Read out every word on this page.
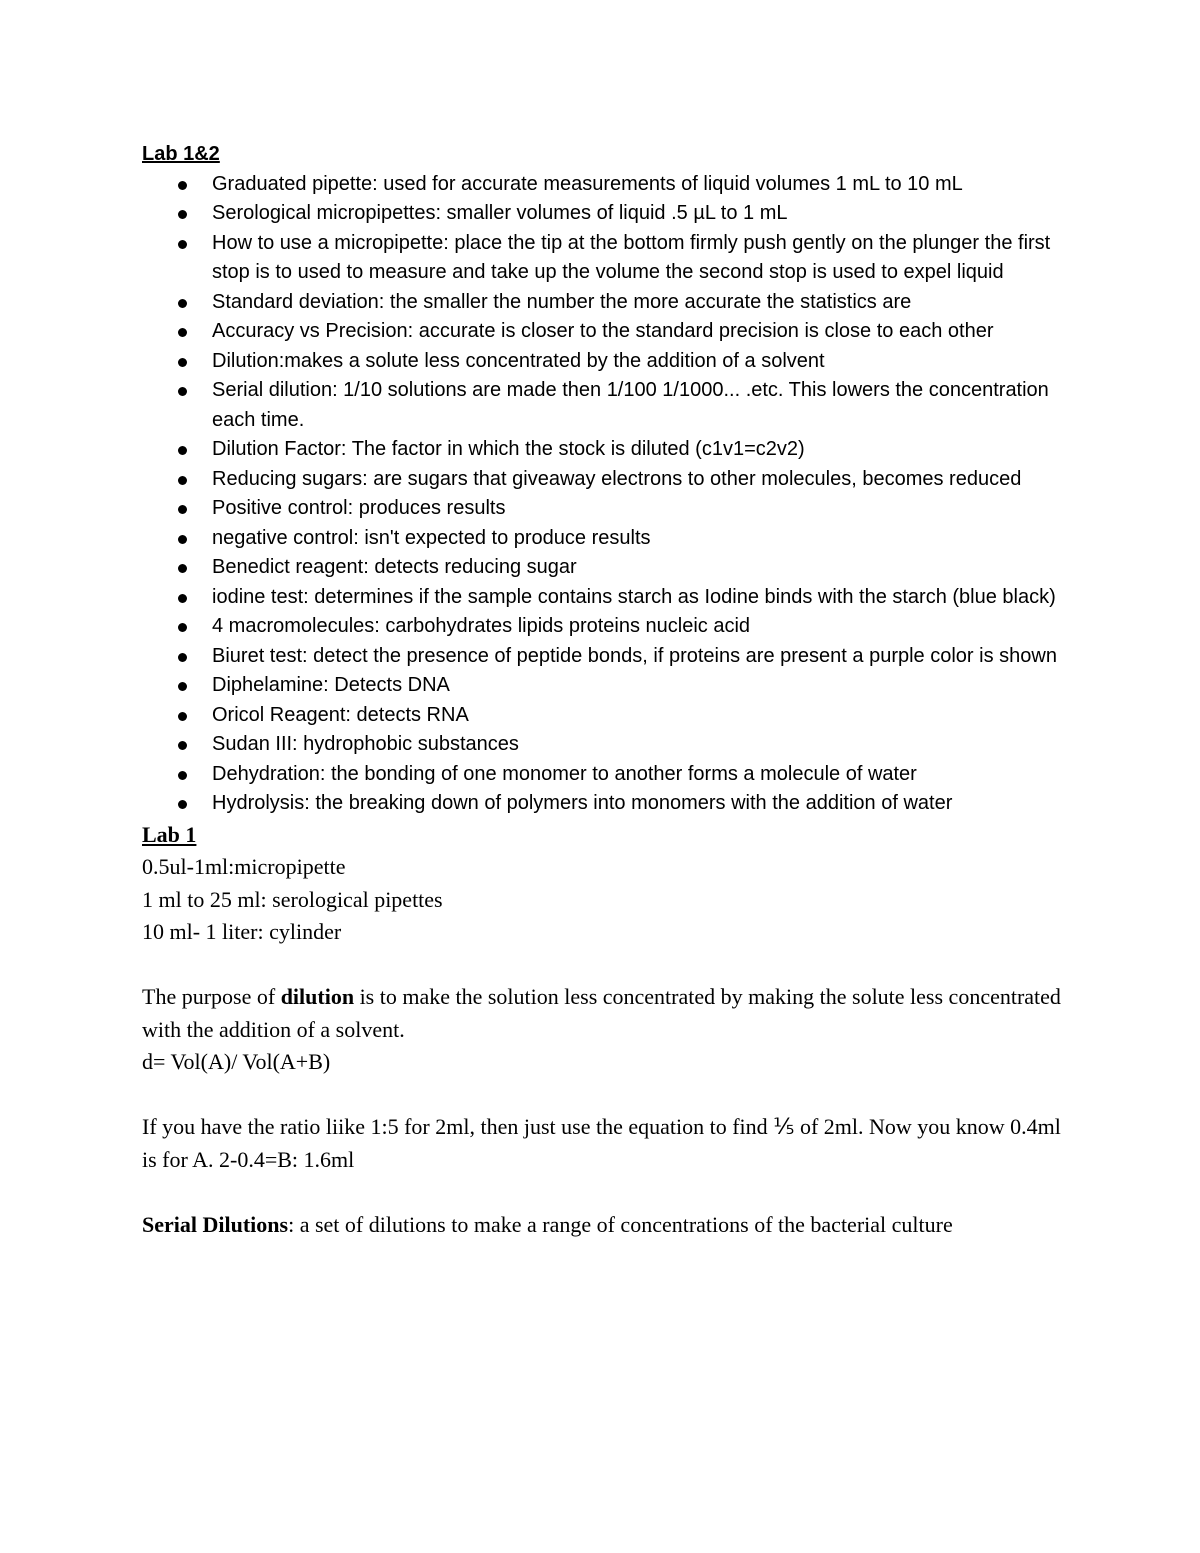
Lab 1&2

Graduated pipette: used for accurate measurements of liquid volumes 1 mL to 10 mL
Serological micropipettes: smaller volumes of liquid .5 µL to 1 mL
How to use a micropipette: place the tip at the bottom firmly push gently on the plunger the first stop is to used to measure and take up the volume the second stop is used to expel liquid
Standard deviation: the smaller the number the more accurate the statistics are
Accuracy vs Precision: accurate is closer to the standard precision is close to each other
Dilution:makes a solute less concentrated by the addition of a solvent
Serial dilution: 1/10 solutions are made then 1/100 1/1000... .etc. This lowers the concentration each time.
Dilution Factor: The factor in which the stock is diluted (c1v1=c2v2)
Reducing sugars: are sugars that giveaway electrons to other molecules, becomes reduced
Positive control: produces results
negative control: isn't expected to produce results
Benedict reagent: detects reducing sugar
iodine test: determines if the sample contains starch as Iodine binds with the starch (blue black)
4 macromolecules: carbohydrates lipids proteins nucleic acid
Biuret test: detect the presence of peptide bonds, if proteins are present a purple color is shown
Diphelamine: Detects DNA
Oricol Reagent: detects RNA
Sudan III: hydrophobic substances
Dehydration: the bonding of one monomer to another forms a molecule of water
Hydrolysis: the breaking down of polymers into monomers with the addition of water

Lab 1

0.5ul-1ml:micropipette

1 ml to 25 ml: serological pipettes

10 ml- 1 liter: cylinder

The purpose of dilution is to make the solution less concentrated by making the solute less concentrated with the addition of a solvent.

d= Vol(A)/ Vol(A+B)

If you have the ratio liike 1:5 for 2ml, then just use the equation to find ⅕ of 2ml. Now you know 0.4ml is for A. 2-0.4=B: 1.6ml

Serial Dilutions: a set of dilutions to make a range of concentrations of the bacterial culture
